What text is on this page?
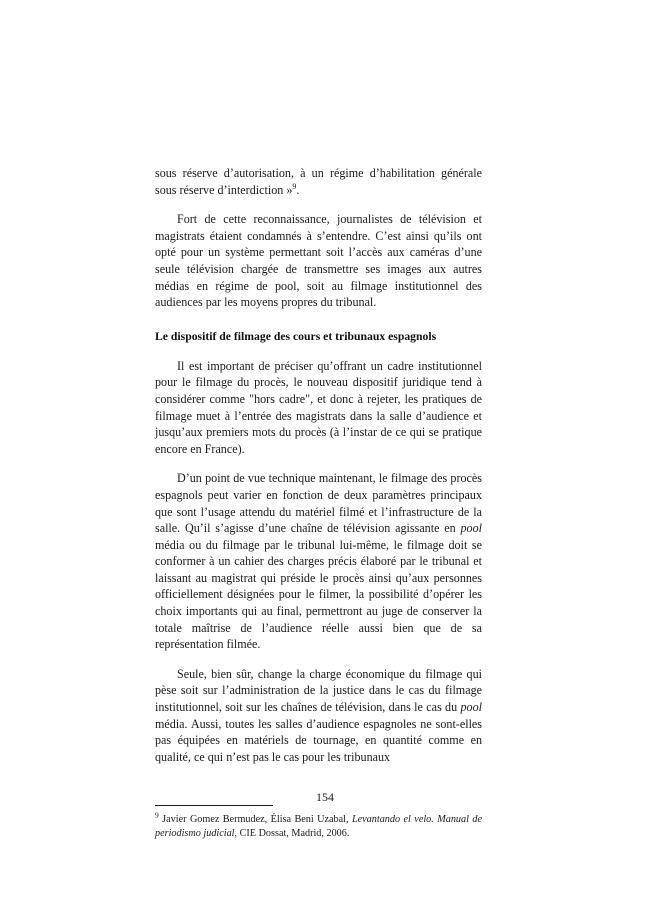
sous réserve d’autorisation, à un régime d’habilitation générale sous réserve d’interdiction »$^9$.

Fort de cette reconnaissance, journalistes de télévision et magistrats étaient condamnés à s’entendre. C’est ainsi qu’ils ont opté pour un système permettant soit l’accès aux caméras d’une seule télévision chargée de transmettre ses images aux autres médias en régime de pool, soit au filmage institutionnel des audiences par les moyens propres du tribunal.

Le dispositif de filmage des cours et tribunaux espagnols

Il est important de préciser qu’offrant un cadre institutionnel pour le filmage du procès, le nouveau dispositif juridique tend à considérer comme "hors cadre", et donc à rejeter, les pratiques de filmage muet à l’entrée des magistrats dans la salle d’audience et jusqu’aux premiers mots du procès (à l’instar de ce qui se pratique encore en France).

D’un point de vue technique maintenant, le filmage des procès espagnols peut varier en fonction de deux paramètres principaux que sont l’usage attendu du matériel filmé et l’infrastructure de la salle. Qu’il s’agisse d’une chaîne de télévision agissante en pool média ou du filmage par le tribunal lui-même, le filmage doit se conformer à un cahier des charges précis élaboré par le tribunal et laissant au magistrat qui préside le procès ainsi qu’aux personnes officiellement désignées pour le filmer, la possibilité d’opérer les choix importants qui au final, permettront au juge de conserver la totale maîtrise de l’audience réelle aussi bien que de sa représentation filmée.

Seule, bien sûr, change la charge économique du filmage qui pèse soit sur l’administration de la justice dans le cas du filmage institutionnel, soit sur les chaînes de télévision, dans le cas du pool média. Aussi, toutes les salles d’audience espagnoles ne sont-elles pas équipées en matériels de tournage, en quantité comme en qualité, ce qui n’est pas le cas pour les tribunaux

$^9$ Javier Gomez Bermudez, Élisa Beni Uzabal, Levantando el velo. Manual de periodismo judicial, CIE Dossat, Madrid, 2006.

154
